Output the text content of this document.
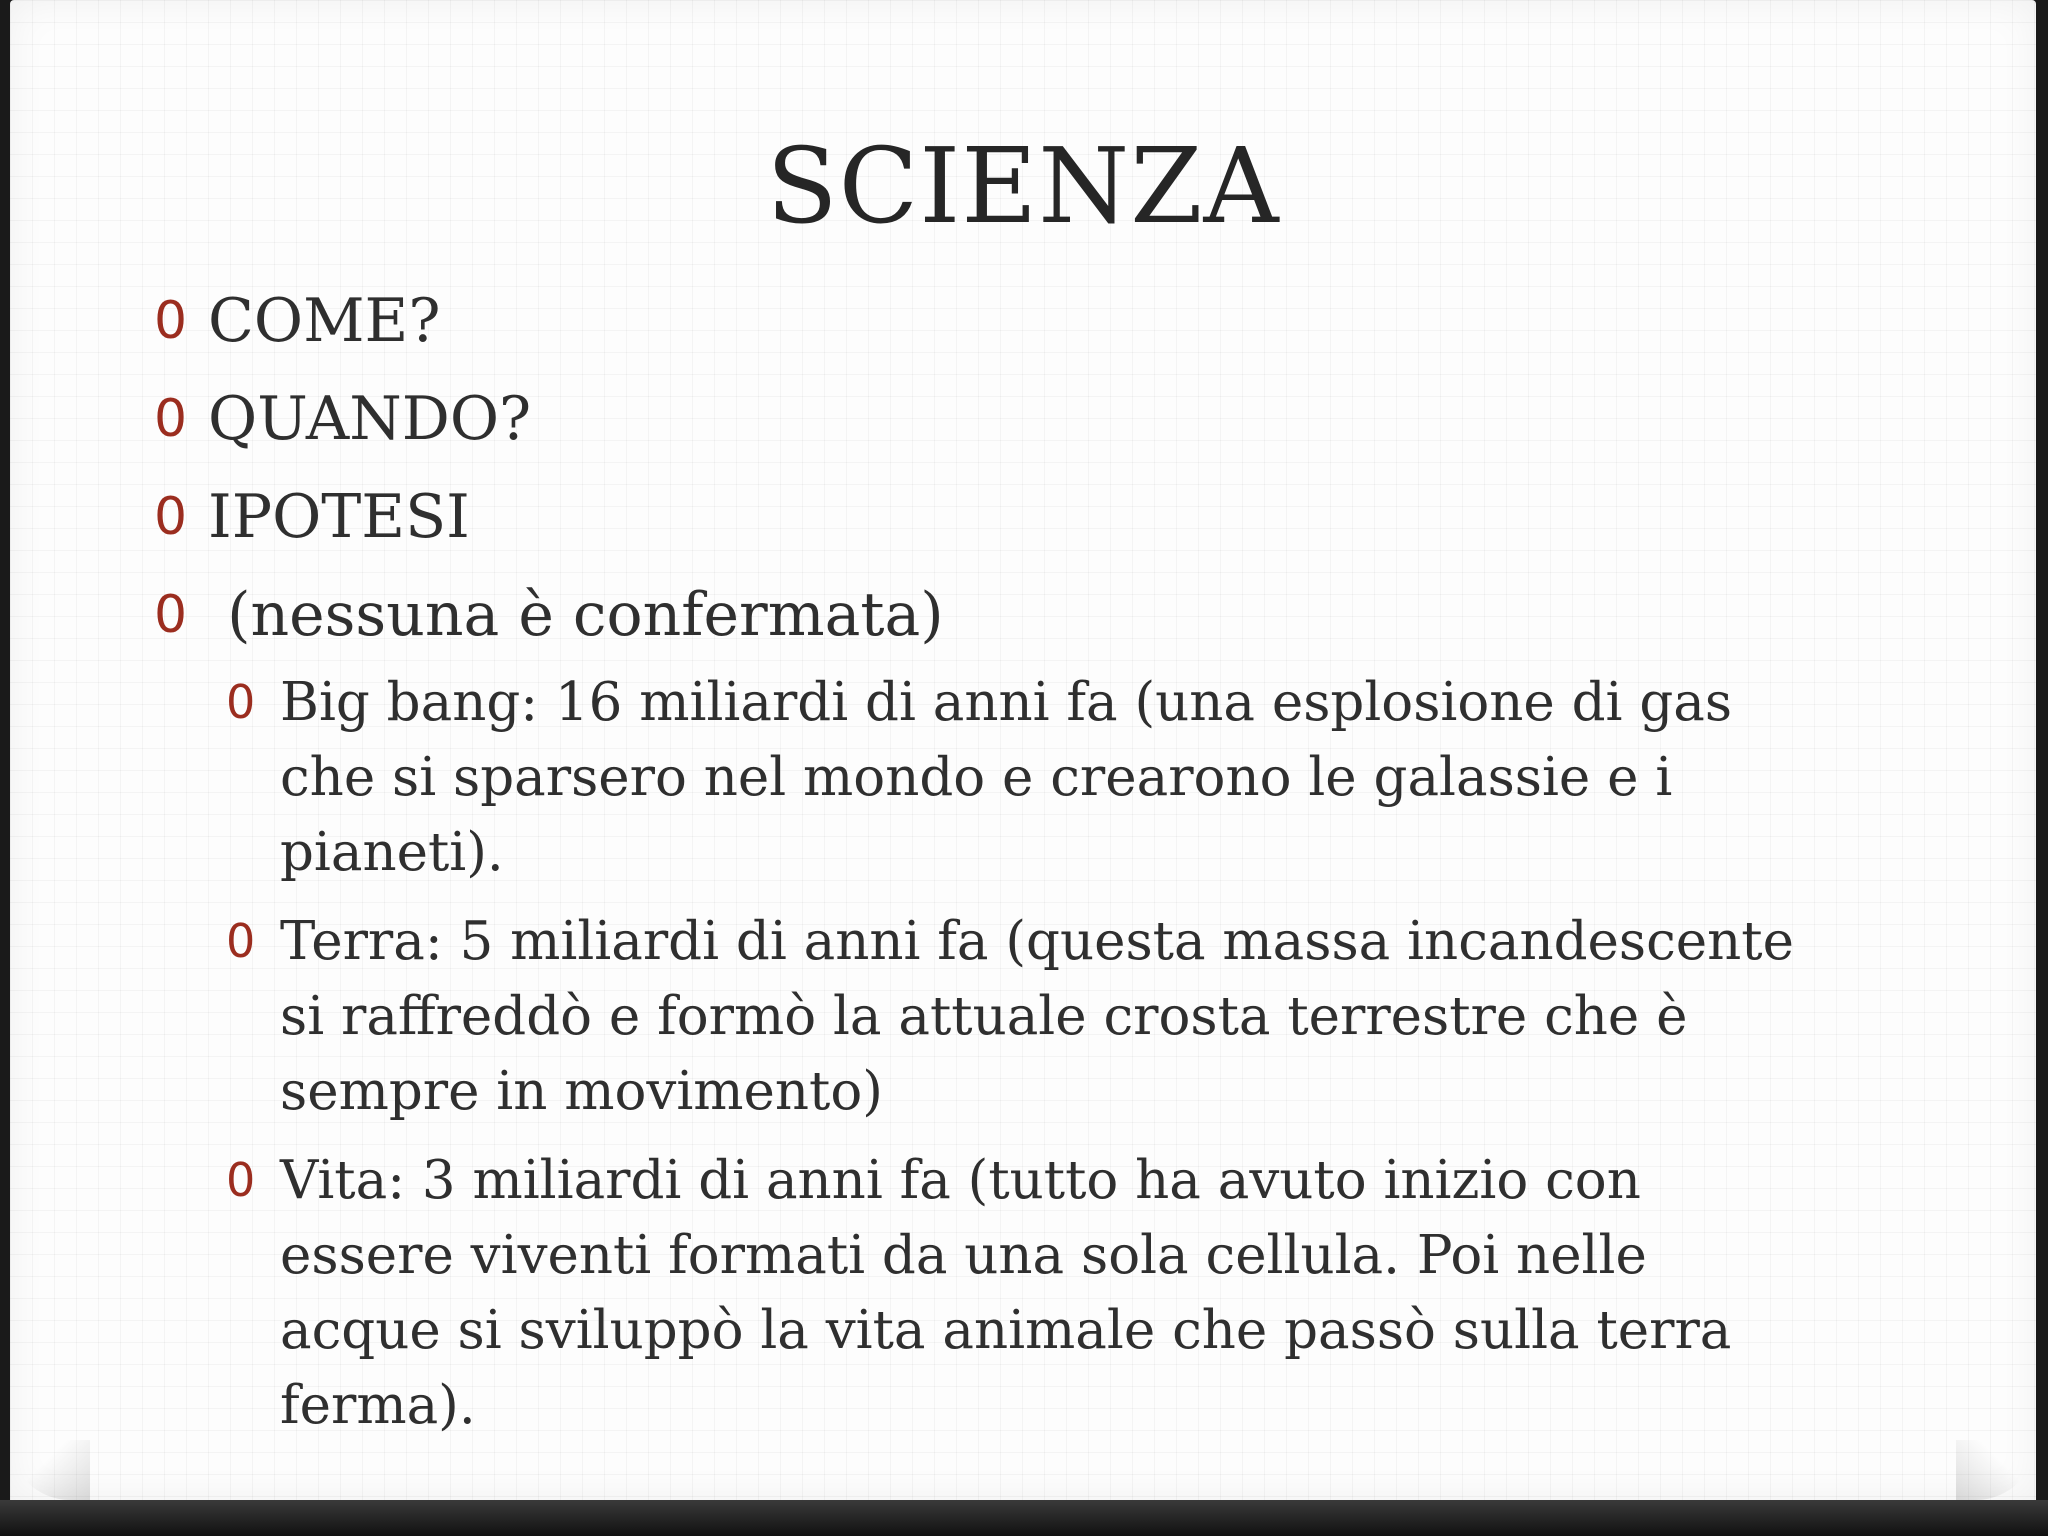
SCIENZA
0 COME?
0 QUANDO?
0 IPOTESI
0 (nessuna è confermata)
0 Big bang: 16 miliardi di anni fa (una esplosione di gas che si sparsero nel mondo e crearono le galassie e i pianeti).
0 Terra: 5 miliardi di anni fa (questa massa incandescente si raffreddò e formò la attuale crosta terrestre che è sempre in movimento)
0 Vita: 3 miliardi di anni fa (tutto ha avuto inizio con essere viventi formati da una sola cellula. Poi nelle acque si sviluppò la vita animale che passò sulla terra ferma).
